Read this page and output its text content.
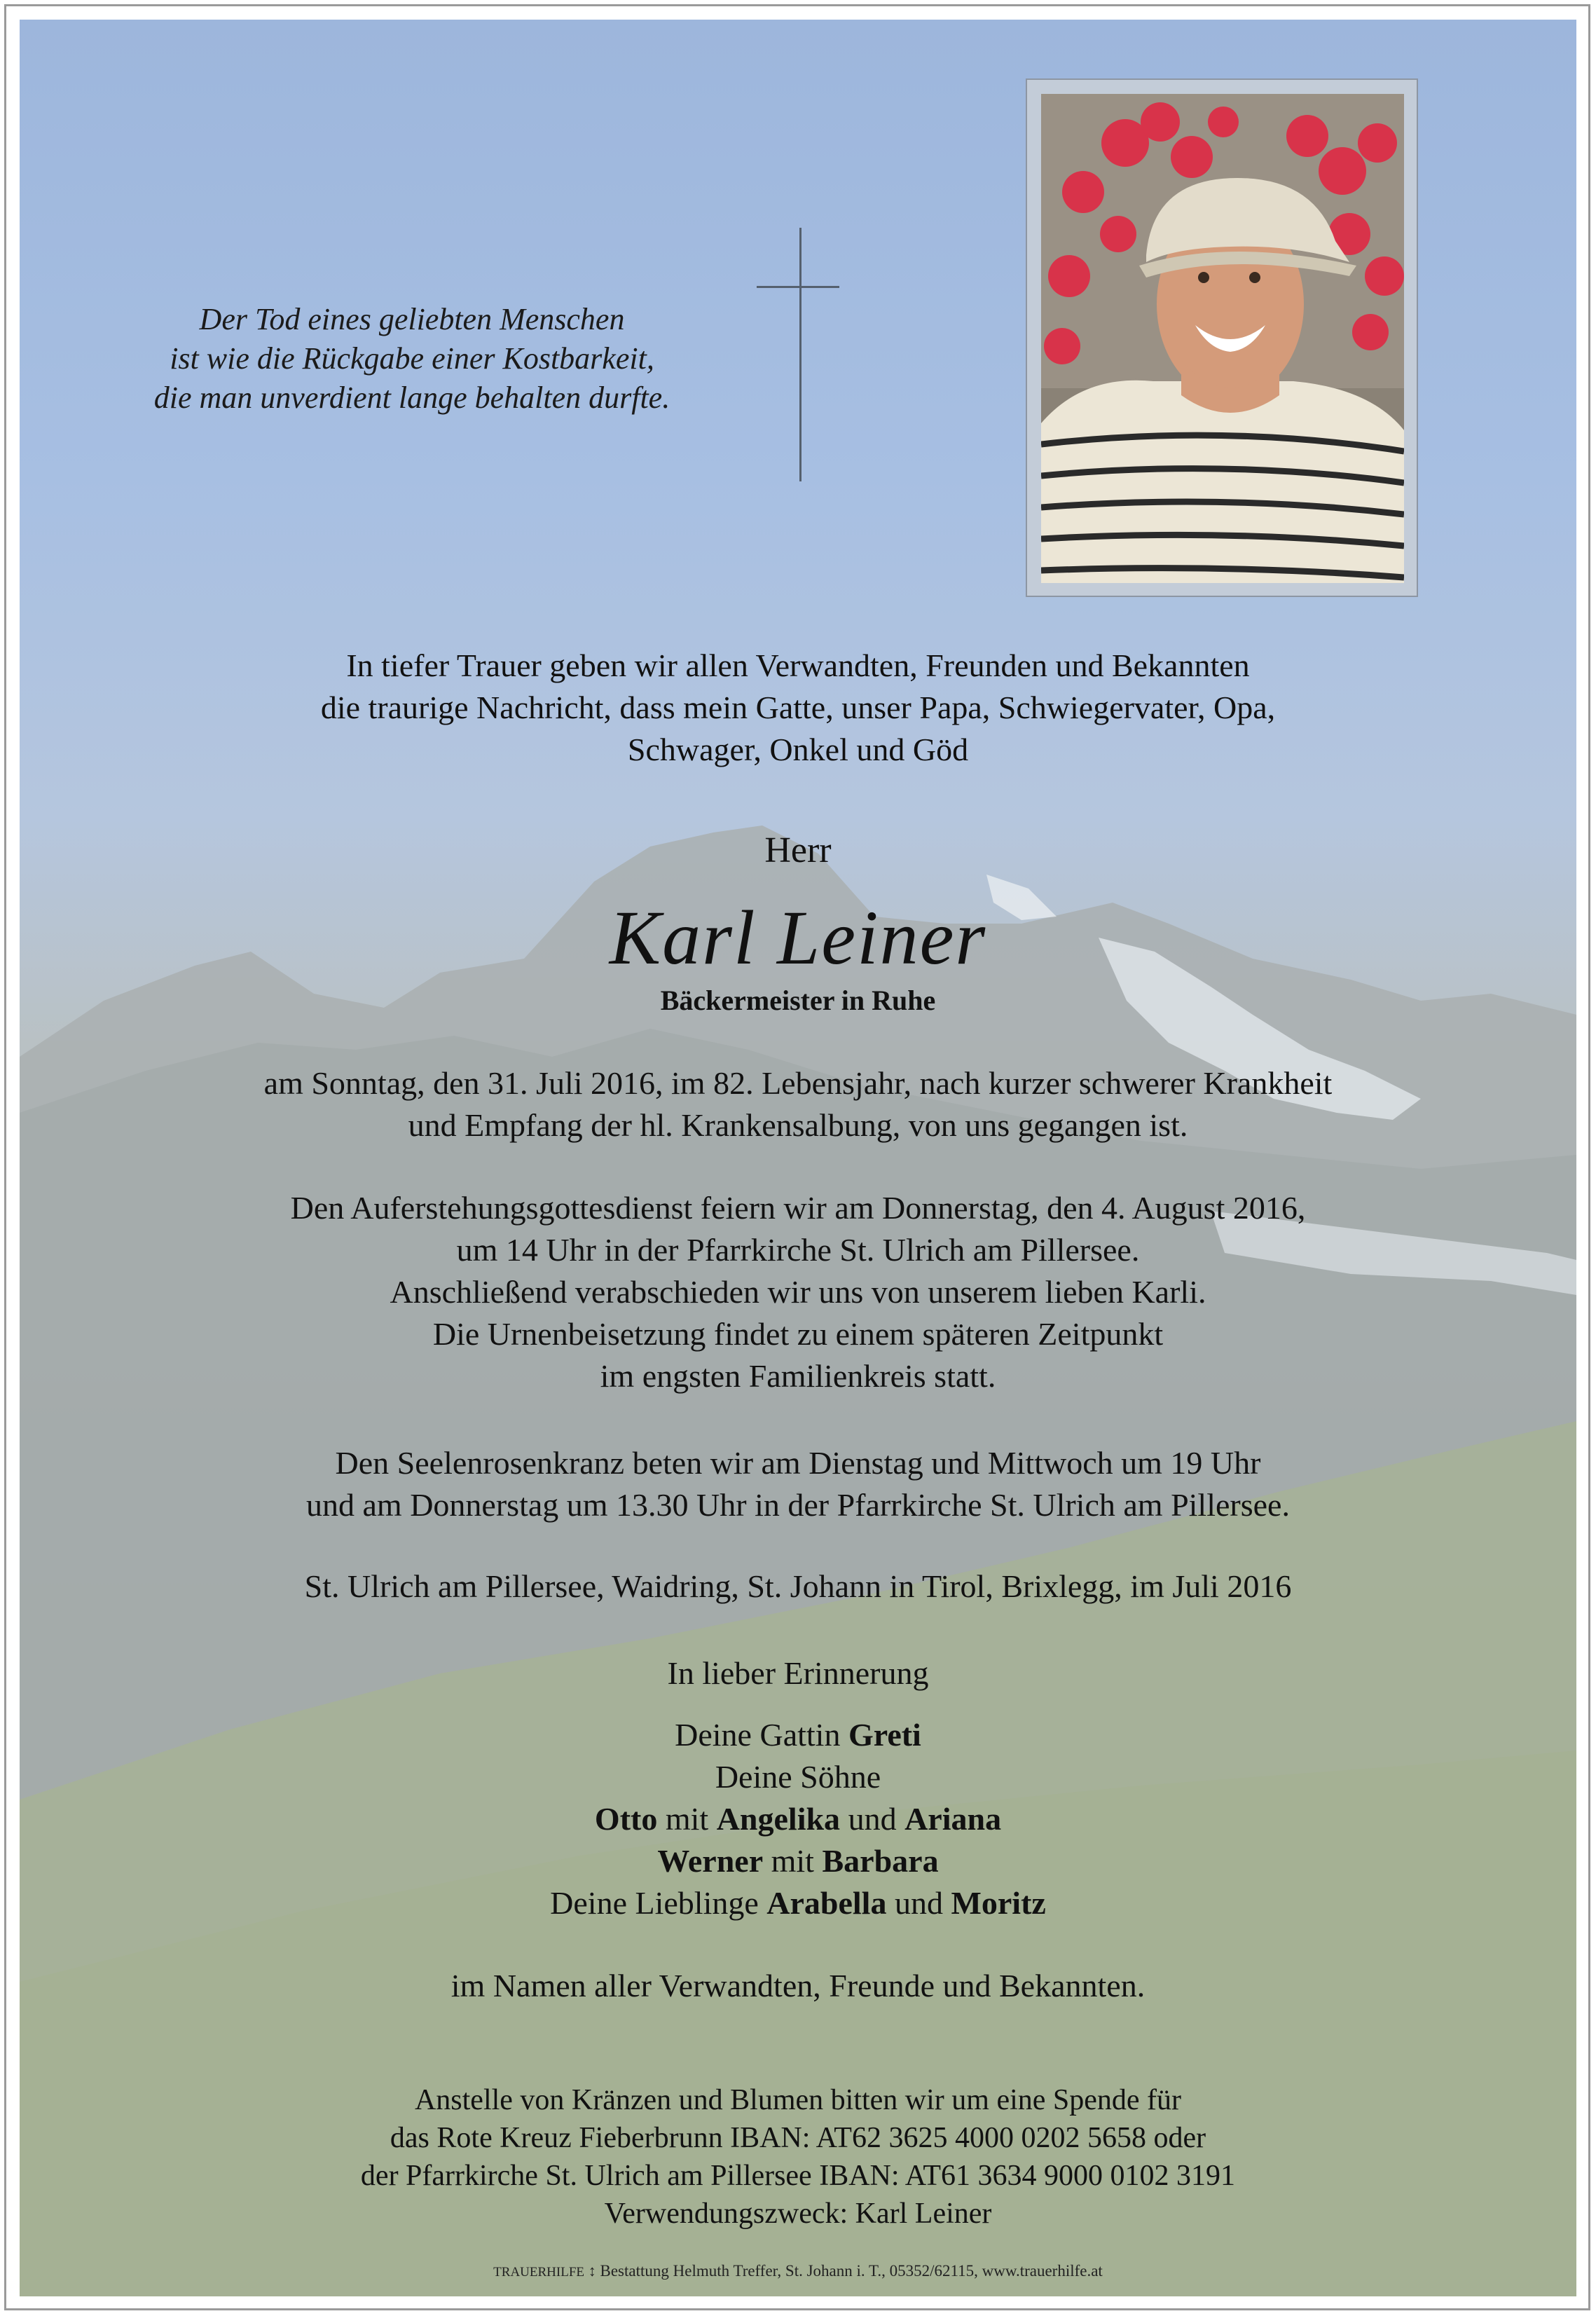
Der Tod eines geliebten Menschen
ist wie die Rückgabe einer Kostbarkeit,
die man unverdient lange behalten durfte.
In tiefer Trauer geben wir allen Verwandten, Freunden und Bekannten
die traurige Nachricht, dass mein Gatte, unser Papa, Schwiegervater, Opa,
Schwager, Onkel und Göd
Herr
Karl Leiner
Bäckermeister in Ruhe
am Sonntag, den 31. Juli 2016, im 82. Lebensjahr, nach kurzer schwerer Krankheit
und Empfang der hl. Krankensalbung, von uns gegangen ist.
Den Auferstehungsgottesdienst feiern wir am Donnerstag, den 4. August 2016,
um 14 Uhr in der Pfarrkirche St. Ulrich am Pillersee.
Anschließend verabschieden wir uns von unserem lieben Karli.
Die Urnenbeisetzung findet zu einem späteren Zeitpunkt
im engsten Familienkreis statt.
Den Seelenrosenkranz beten wir am Dienstag und Mittwoch um 19 Uhr
und am Donnerstag um 13.30 Uhr in der Pfarrkirche St. Ulrich am Pillersee.
St. Ulrich am Pillersee, Waidring, St. Johann in Tirol, Brixlegg, im Juli 2016
In lieber Erinnerung
Deine Gattin Greti
Deine Söhne
Otto mit Angelika und Ariana
Werner mit Barbara
Deine Lieblinge Arabella und Moritz
im Namen aller Verwandten, Freunde und Bekannten.
Anstelle von Kränzen und Blumen bitten wir um eine Spende für
das Rote Kreuz Fieberbrunn IBAN: AT62 3625 4000 0202 5658 oder
der Pfarrkirche St. Ulrich am Pillersee IBAN: AT61 3634 9000 0102 3191
Verwendungszweck: Karl Leiner
TRAUERHILFE ↕ Bestattung Helmuth Treffer, St. Johann i. T., 05352/62115, www.trauerhilfe.at
